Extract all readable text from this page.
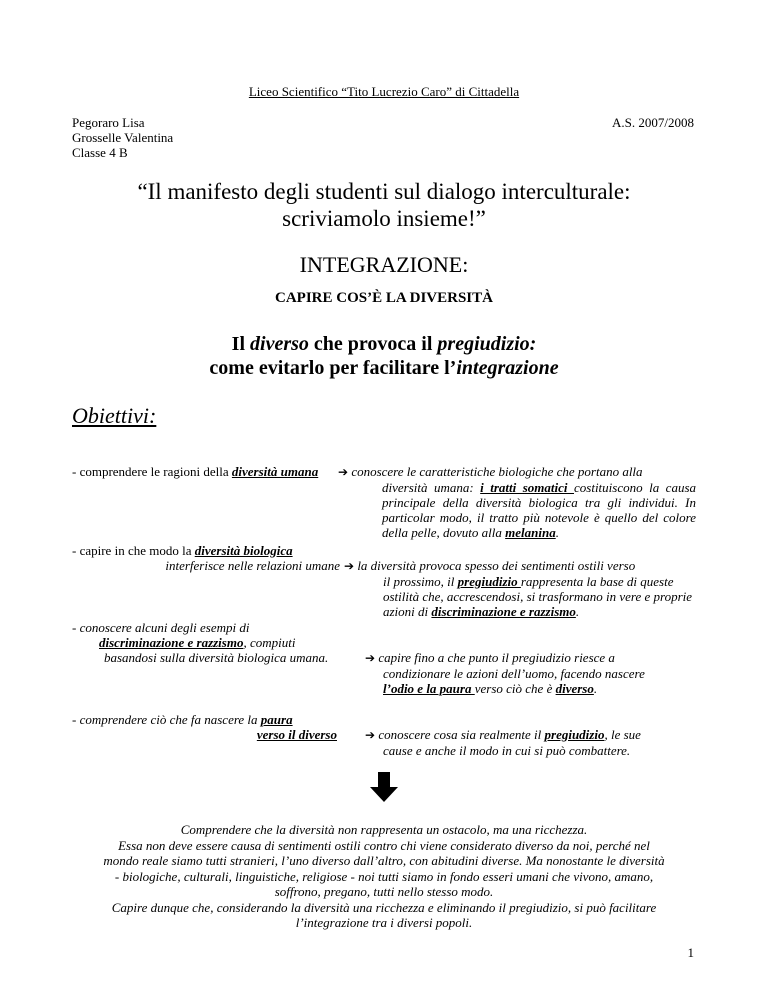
Liceo Scientifico “Tito Lucrezio Caro” di Cittadella
Pegoraro Lisa
Grosselle Valentina
Classe 4 B
A.S. 2007/2008
“Il manifesto degli studenti sul dialogo interculturale:
scriviamolo insieme!”
INTEGRAZIONE:
CAPIRE COS’È LA DIVERSITÀ
Il diverso che provoca il pregiudizio:
come evitarlo per facilitare l’integrazione
Obiettivi:
- comprendere le ragioni della diversità umana	➔ conoscere le caratteristiche biologiche che portano alla
diversità umana: i tratti somatici costituiscono la causa principale della diversità biologica tra gli individui. In particolar modo, il tratto più notevole è quello del colore della pelle, dovuto alla melanina.
- capire in che modo la diversità biologica
interferisce nelle relazioni umane ➔ la diversità provoca spesso dei sentimenti ostili verso
il prossimo, il pregiudizio rappresenta la base di queste ostilità che, accrescendosi, si trasformano in vere e proprie azioni di discriminazione e razzismo.
- conoscere alcuni degli esempi di
discriminazione e razzismo, compiuti
basandosi sulla diversità biologica umana.	➔ capire fino a che punto il pregiudizio riesce a
condizionare le azioni dell’uomo, facendo nascere
l’odio e la paura verso ciò che è diverso.
- comprendere ciò che fa nascere la paura
verso il diverso ➔ conoscere cosa sia realmente il pregiudizio, le sue
cause e anche il modo in cui si può combattere.
Comprendere che la diversità non rappresenta un ostacolo, ma una ricchezza.
Essa non deve essere causa di sentimenti ostili contro chi viene considerato diverso da noi, perché nel
mondo reale siamo tutti stranieri, l’uno diverso dall’altro, con abitudini diverse. Ma nonostante le diversità
- biologiche, culturali, linguistiche, religiose - noi tutti siamo in fondo esseri umani che vivono, amano,
soffrono, pregano, tutti nello stesso modo.
Capire dunque che, considerando la diversità una ricchezza e eliminando il pregiudizio, si può facilitare
l’integrazione tra i diversi popoli.
1
